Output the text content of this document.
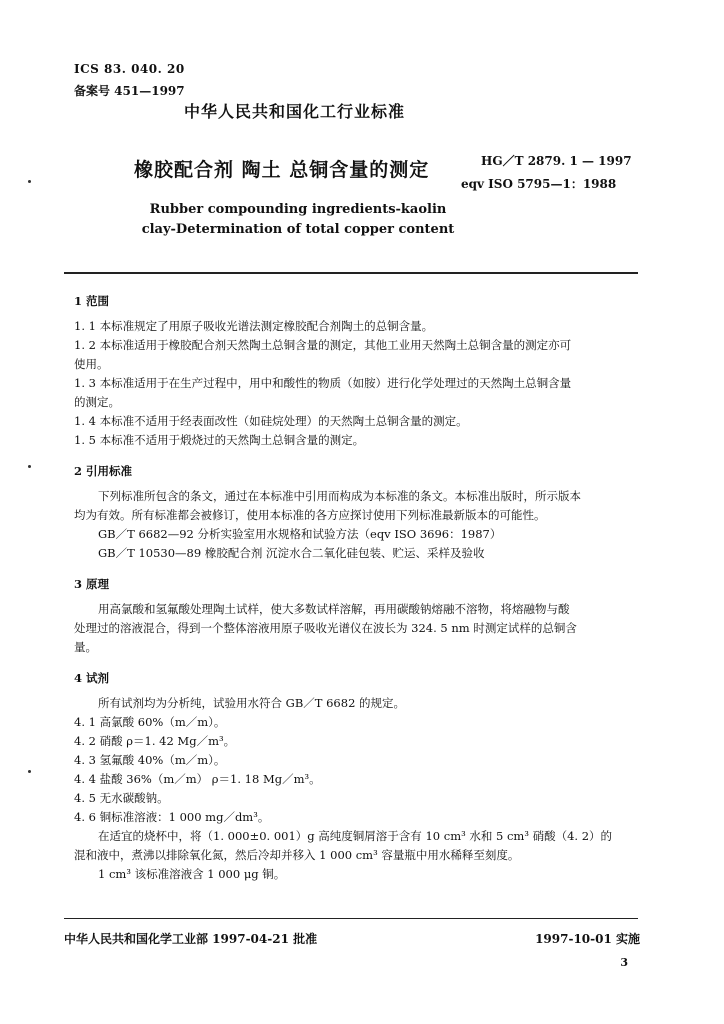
ICS 83. 040. 20
备案号 451—1997
中华人民共和国化工行业标准
橡胶配合剂 陶土 总铜含量的测定	HG／T 2879. 1 — 1997
eqv ISO 5795—1：1988
Rubber compounding ingredients-kaolin
clay-Determination of total copper content

1 范围

1. 1 本标准规定了用原子吸收光谱法测定橡胶配合剂陶土的总铜含量。

1. 2 本标准适用于橡胶配合剂天然陶土总铜含量的测定，其他工业用天然陶土总铜含量的测定亦可

使用。

1. 3 本标准适用于在生产过程中，用中和酸性的物质（如胺）进行化学处理过的天然陶土总铜含量

的测定。

1. 4 本标准不适用于经表面改性（如硅烷处理）的天然陶土总铜含量的测定。

1. 5 本标准不适用于煅烧过的天然陶土总铜含量的测定。

2 引用标准

下列标准所包含的条文，通过在本标准中引用而构成为本标准的条文。本标准出版时，所示版本

均为有效。所有标准都会被修订，使用本标准的各方应探讨使用下列标准最新版本的可能性。

GB／T 6682—92 分析实验室用水规格和试验方法（eqv ISO 3696：1987）

GB／T 10530—89 橡胶配合剂 沉淀水合二氧化硅包装、贮运、采样及验收

3 原理

用高氯酸和氢氟酸处理陶土试样，使大多数试样溶解，再用碳酸钠熔融不溶物，将熔融物与酸

处理过的溶液混合，得到一个整体溶液用原子吸收光谱仪在波长为 324. 5 nm 时测定试样的总铜含

量。

4 试剂

所有试剂均为分析纯，试验用水符合 GB／T 6682 的规定。

4. 1 高氯酸 60%（m／m）。

4. 2 硝酸 ρ＝1. 42 Mg／m³。

4. 3 氢氟酸 40%（m／m）。

4. 4 盐酸 36%（m／m） ρ＝1. 18 Mg／m³。

4. 5 无水碳酸钠。

4. 6 铜标准溶液：1 000 mg／dm³。

在适宜的烧杯中，将（1. 000±0. 001）g 高纯度铜屑溶于含有 10 cm³ 水和 5 cm³ 硝酸（4. 2）的

混和液中，煮沸以排除氧化氮，然后冷却并移入 1 000 cm³ 容量瓶中用水稀释至刻度。

1 cm³ 该标准溶液含 1 000 μg 铜。

中华人民共和国化学工业部 1997-04-21 批准	1997-10-01 实施
3
